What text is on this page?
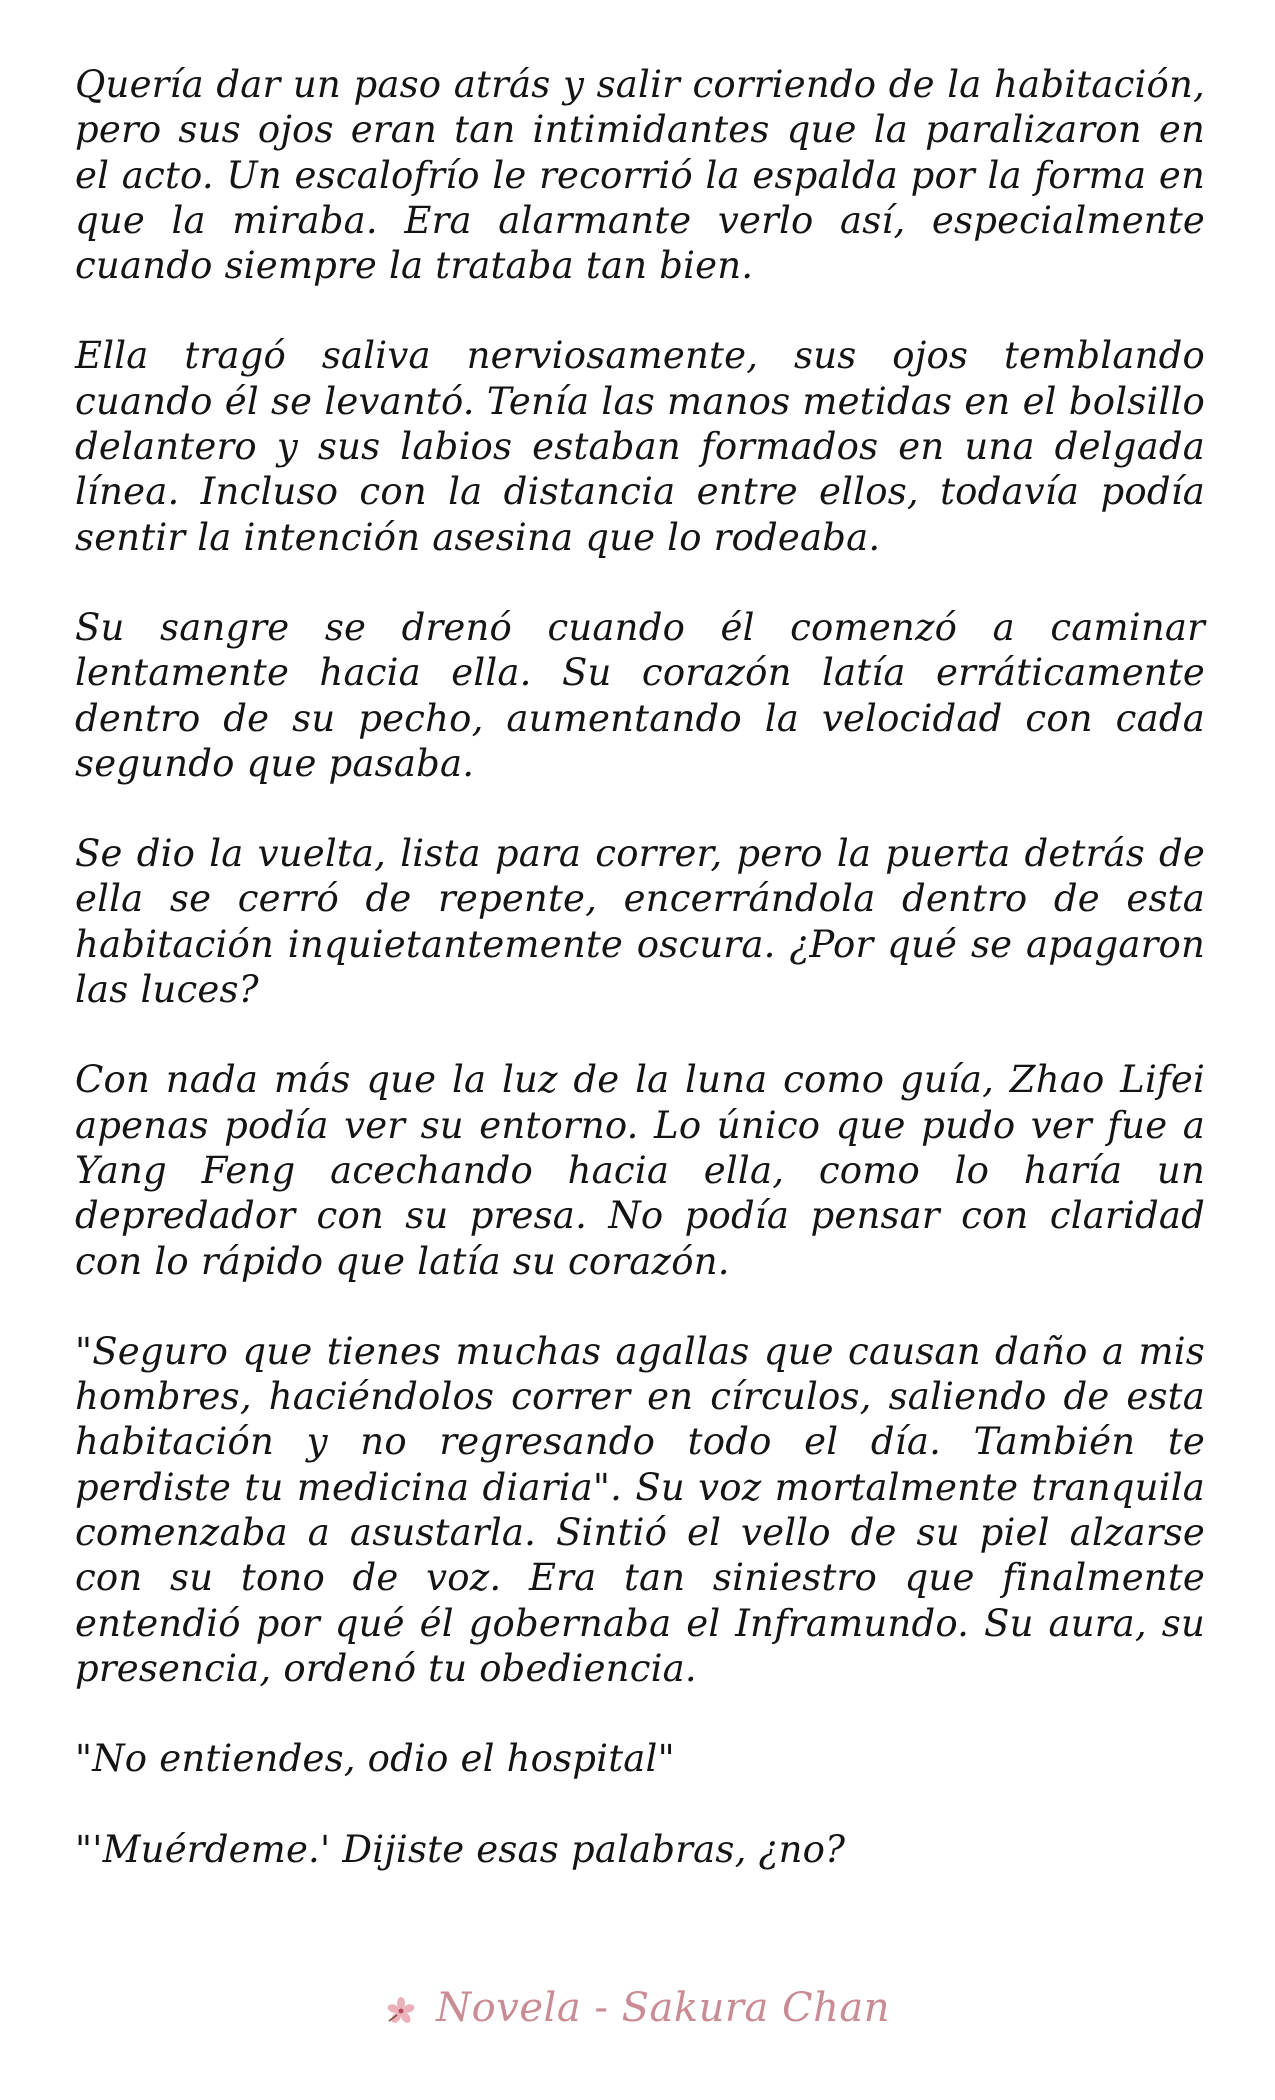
Quería dar un paso atrás y salir corriendo de la habitación, pero sus ojos eran tan intimidantes que la paralizaron en el acto. Un escalofrío le recorrió la espalda por la forma en que la miraba. Era alarmante verlo así, especialmente cuando siempre la trataba tan bien.

Ella tragó saliva nerviosamente, sus ojos temblando cuando él se levantó. Tenía las manos metidas en el bolsillo delantero y sus labios estaban formados en una delgada línea. Incluso con la distancia entre ellos, todavía podía sentir la intención asesina que lo rodeaba.

Su sangre se drenó cuando él comenzó a caminar lentamente hacia ella. Su corazón latía erráticamente dentro de su pecho, aumentando la velocidad con cada segundo que pasaba.

Se dio la vuelta, lista para correr, pero la puerta detrás de ella se cerró de repente, encerrándola dentro de esta habitación inquietantemente oscura. ¿Por qué se apagaron las luces?

Con nada más que la luz de la luna como guía, Zhao Lifei apenas podía ver su entorno. Lo único que pudo ver fue a Yang Feng acechando hacia ella, como lo haría un depredador con su presa. No podía pensar con claridad con lo rápido que latía su corazón.

"Seguro que tienes muchas agallas que causan daño a mis hombres, haciéndolos correr en círculos, saliendo de esta habitación y no regresando todo el día. También te perdiste tu medicina diaria". Su voz mortalmente tranquila comenzaba a asustarla. Sintió el vello de su piel alzarse con su tono de voz. Era tan siniestro que finalmente entendió por qué él gobernaba el Inframundo. Su aura, su presencia, ordenó tu obediencia.

"No entiendes, odio el hospital"

"'Muérdeme.' Dijiste esas palabras, ¿no?

Novela - Sakura Chan
